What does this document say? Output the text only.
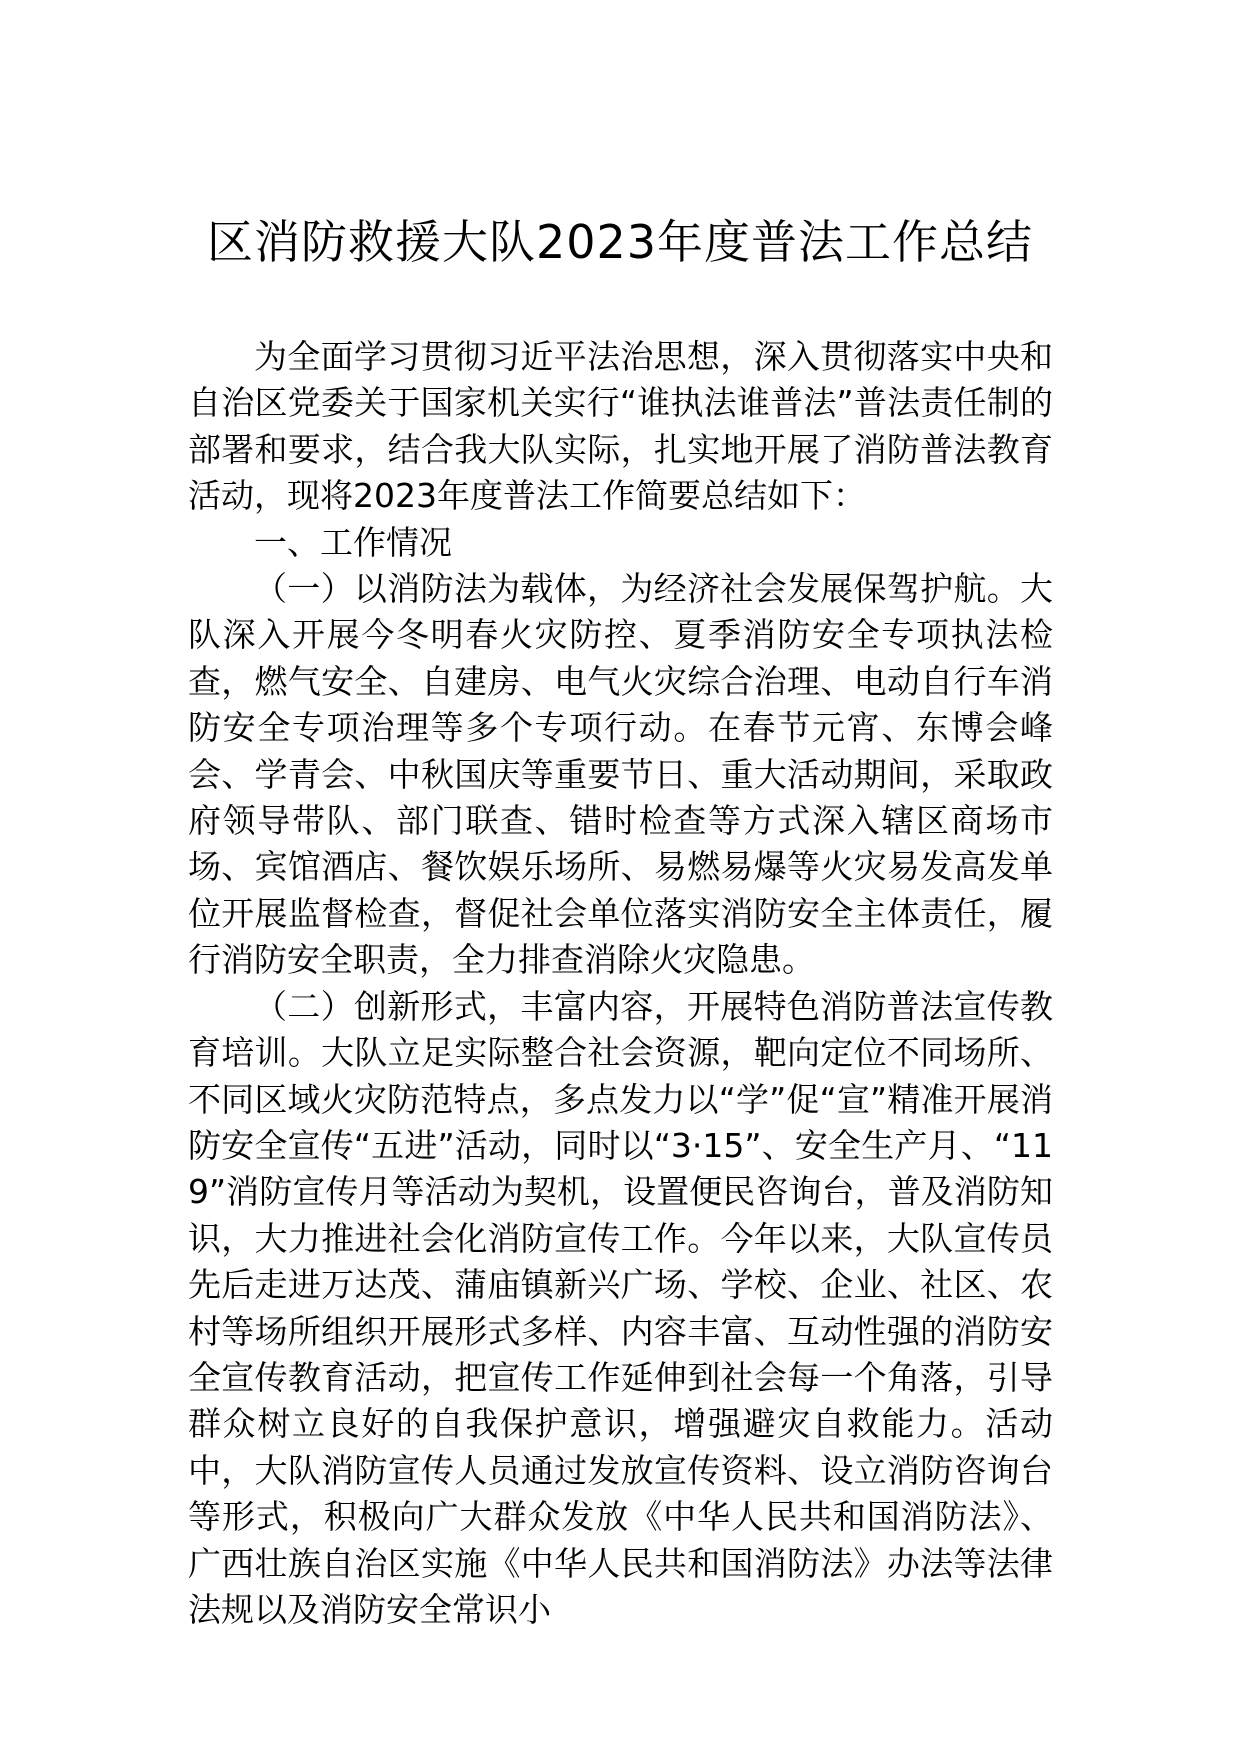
区消防救援大队2023年度普法工作总结

为全面学习贯彻习近平法治思想，深入贯彻落实中央和自治区党委关于国家机关实行“谁执法谁普法”普法责任制的部署和要求，结合我大队实际，扎实地开展了消防普法教育活动，现将2023年度普法工作简要总结如下：

一、工作情况

（一）以消防法为载体，为经济社会发展保驾护航。大队深入开展今冬明春火灾防控、夏季消防安全专项执法检查，燃气安全、自建房、电气火灾综合治理、电动自行车消防安全专项治理等多个专项行动。在春节元宵、东博会峰会、学青会、中秋国庆等重要节日、重大活动期间，采取政府领导带队、部门联查、错时检查等方式深入辖区商场市场、宾馆酒店、餐饮娱乐场所、易燃易爆等火灾易发高发单位开展监督检查，督促社会单位落实消防安全主体责任，履行消防安全职责，全力排查消除火灾隐患。

（二）创新形式，丰富内容，开展特色消防普法宣传教育培训。大队立足实际整合社会资源，靶向定位不同场所、不同区域火灾防范特点，多点发力以“学”促“宣”精准开展消防安全宣传“五进”活动，同时以“3·15”、安全生产月、“119”消防宣传月等活动为契机，设置便民咨询台，普及消防知识，大力推进社会化消防宣传工作。今年以来，大队宣传员先后走进万达茂、蒲庙镇新兴广场、学校、企业、社区、农村等场所组织开展形式多样、内容丰富、互动性强的消防安全宣传教育活动，把宣传工作延伸到社会每一个角落，引导群众树立良好的自我保护意识，增强避灾自救能力。活动中，大队消防宣传人员通过发放宣传资料、设立消防咨询台等形式，积极向广大群众发放《中华人民共和国消防法》、广西壮族自治区实施《中华人民共和国消防法》办法等法律法规以及消防安全常识小
